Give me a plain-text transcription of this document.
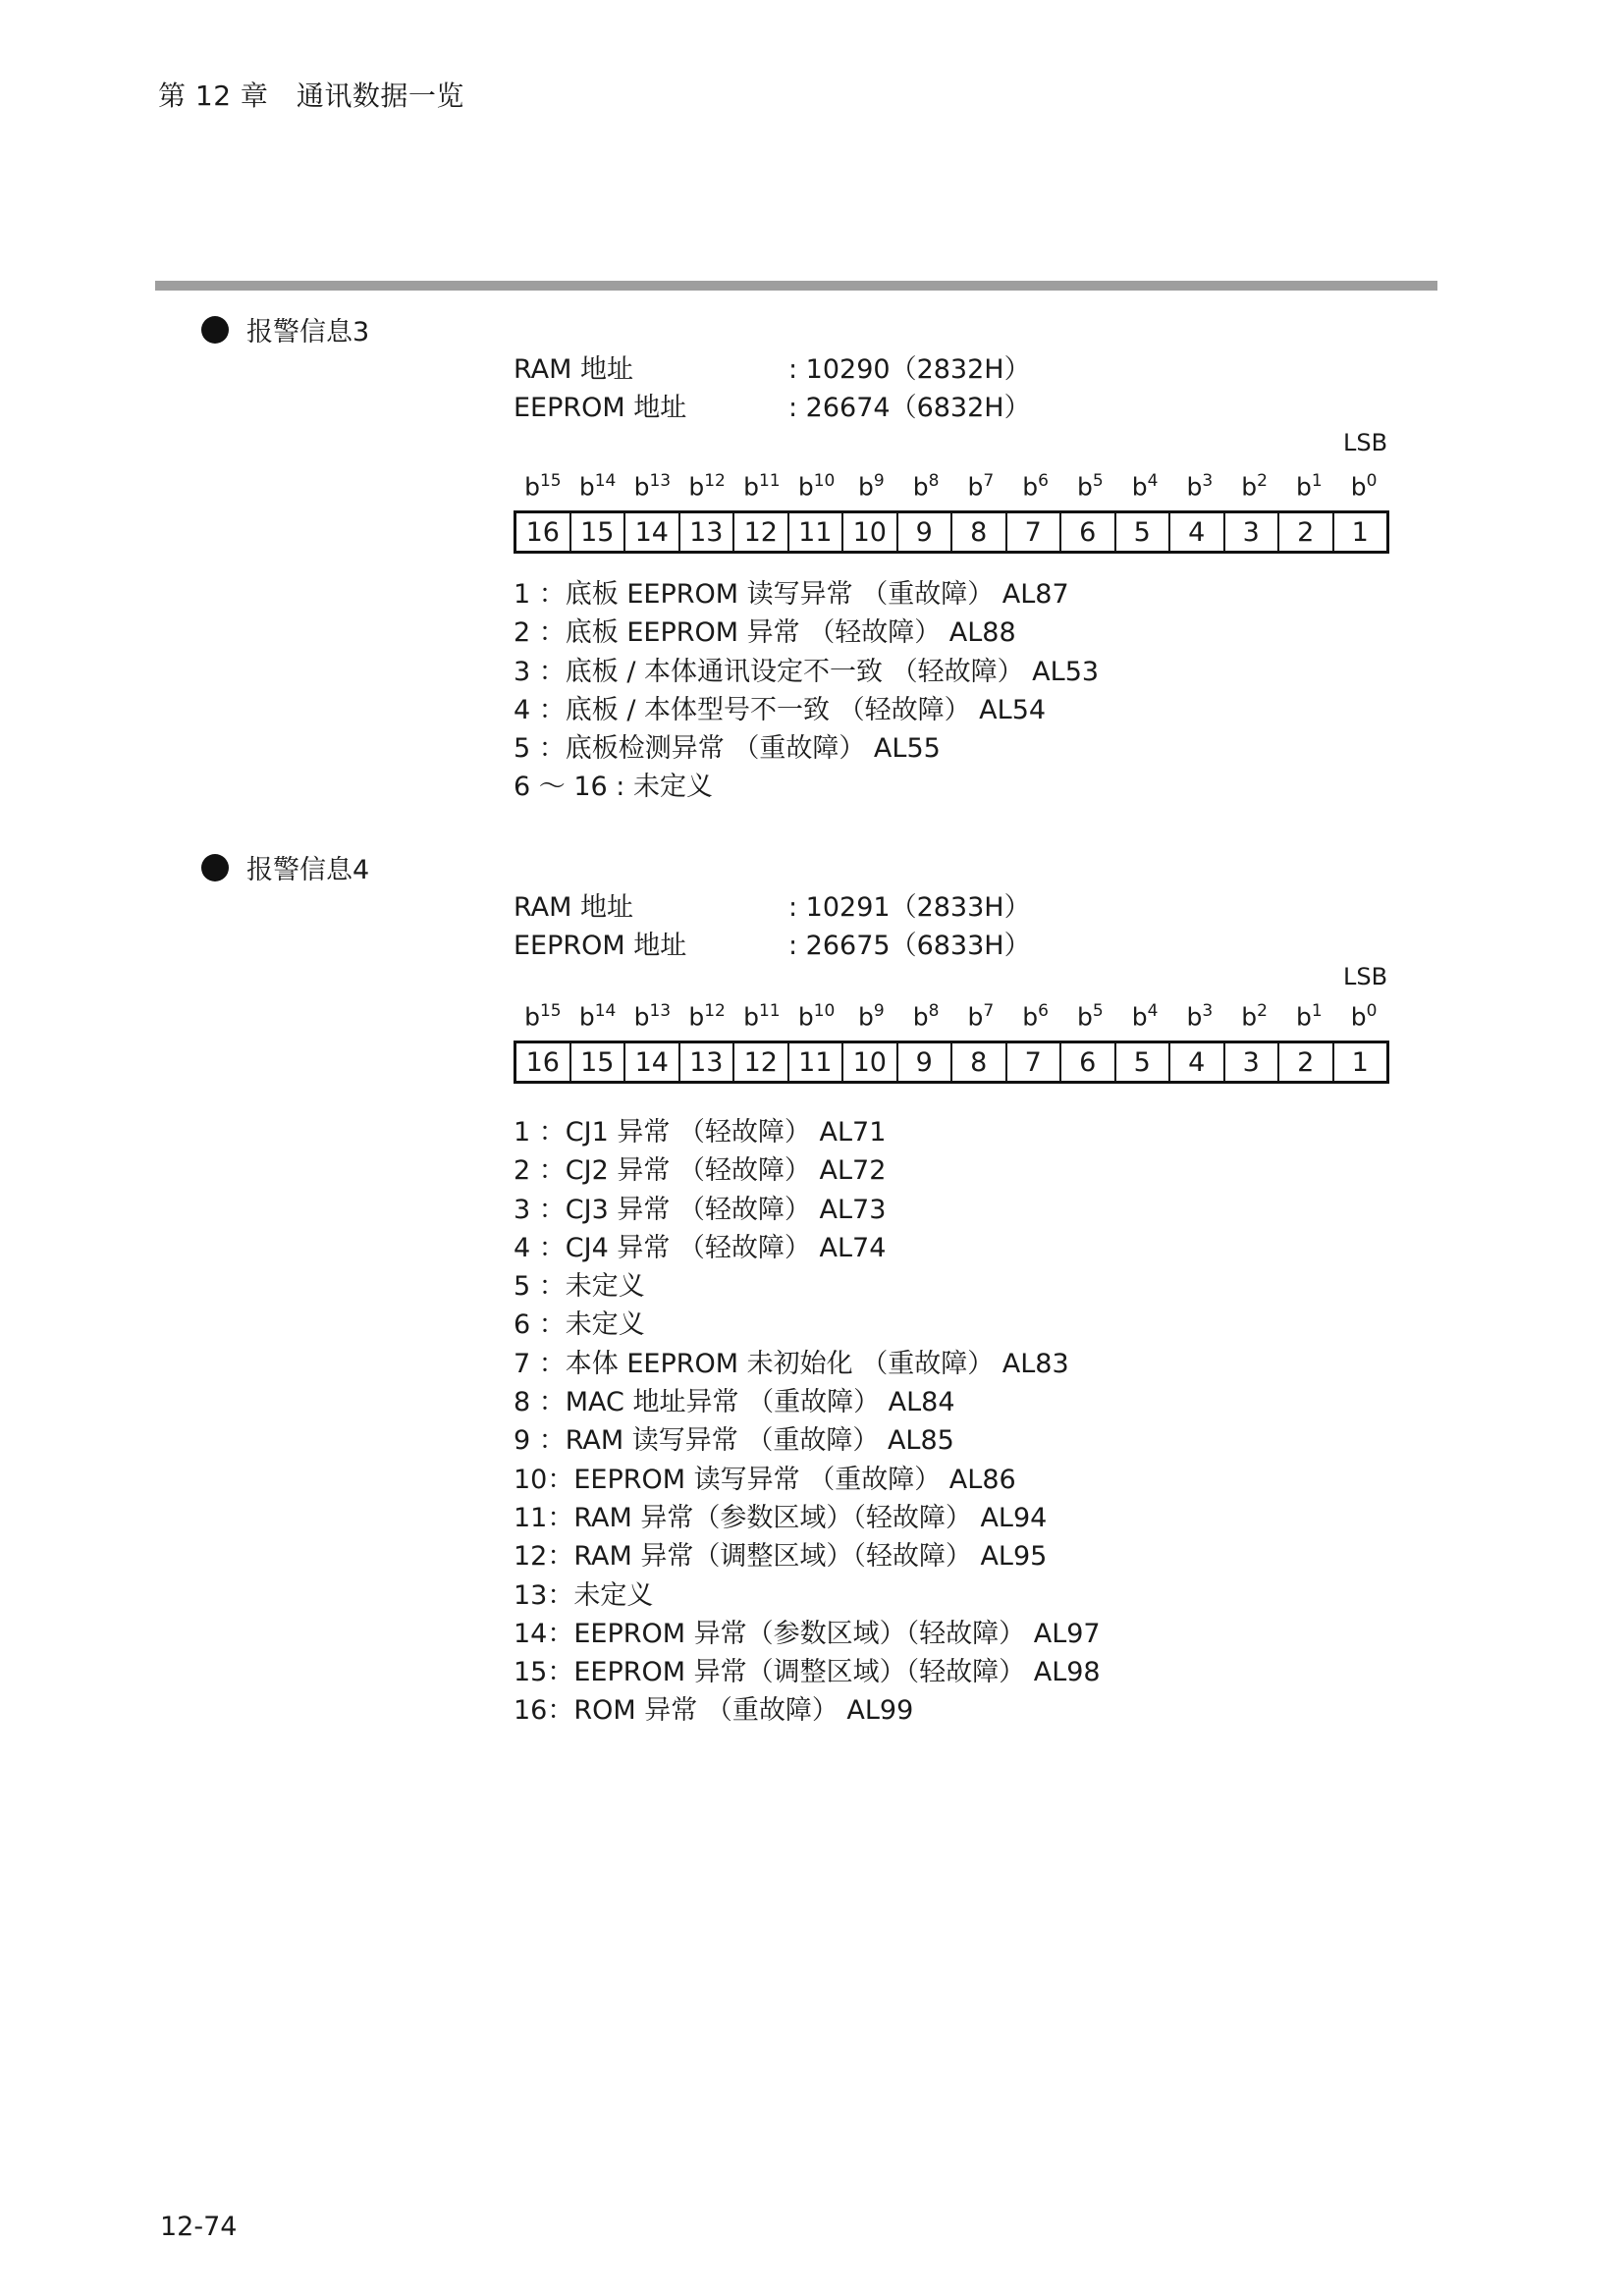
第 12 章　通讯数据一览
报警信息3
RAM 地址	: 10290（2832H）
EEPROM 地址	: 26674（6832H）
LSB
$b^{15}$ $b^{14}$ $b^{13}$ $b^{12}$ $b^{11}$ $b^{10}$ $b^9$	$b^8$	$b^7$	$b^6$	$b^5$	$b^4$	$b^3$	$b^2$	$b^1$	$b^0$
16 15 14 13 12 11 10	9	8	7	6	5	4	3	2	1
1 ：底板 EEPROM 读写异常 （重故障） AL87
2 ：底板 EEPROM 异常 （轻故障） AL88
3 ：底板 / 本体通讯设定不一致 （轻故障） AL53
4 ：底板 / 本体型号不一致 （轻故障） AL54
5 ：底板检测异常 （重故障） AL55
6 ～ 16 : 未定义
报警信息4
RAM 地址	: 10291（2833H）
EEPROM 地址	: 26675（6833H）
LSB
$b^{15}$ $b^{14}$ $b^{13}$ $b^{12}$ $b^{11}$ $b^{10}$ $b^9$	$b^8$	$b^7$	$b^6$	$b^5$	$b^4$	$b^3$	$b^2$	$b^1$	$b^0$
16 15 14 13 12 11 10	9	8	7	6	5	4	3	2	1
1 ：CJ1 异常 （轻故障） AL71
2 ：CJ2 异常 （轻故障） AL72
3 ：CJ3 异常 （轻故障） AL73
4 ：CJ4 异常 （轻故障） AL74
5 ：未定义
6 ：未定义
7 ：本体 EEPROM 未初始化 （重故障） AL83
8 ：MAC 地址异常 （重故障） AL84
9 ：RAM 读写异常 （重故障） AL85
10：EEPROM 读写异常 （重故障） AL86
11：RAM 异常（参数区域）（轻故障） AL94
12：RAM 异常（调整区域）（轻故障） AL95
13：未定义
14：EEPROM 异常（参数区域）（轻故障） AL97
15：EEPROM 异常（调整区域）（轻故障） AL98
16：ROM 异常 （重故障） AL99
12-74
